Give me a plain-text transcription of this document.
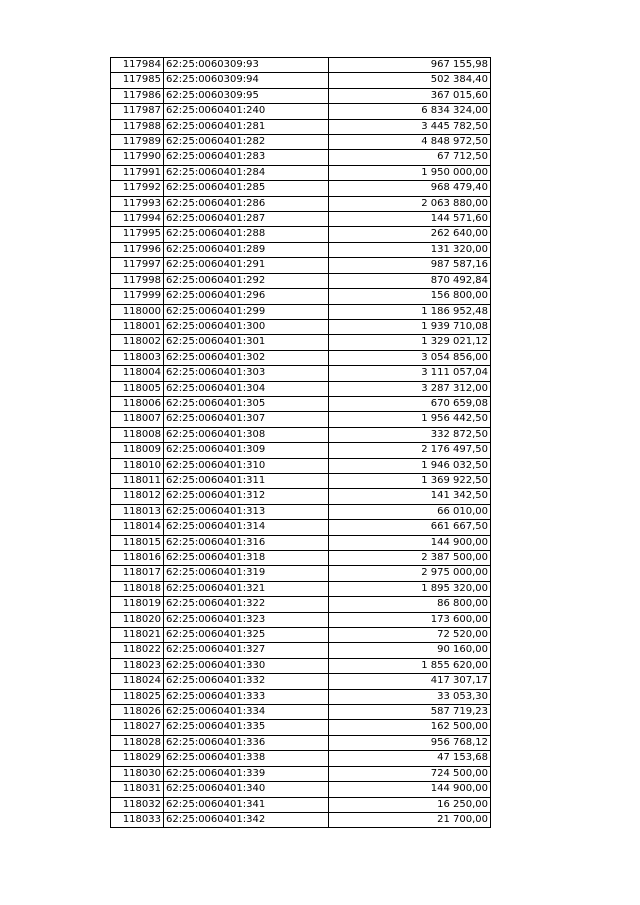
117984	62:25:0060309:93	967 155,98
117985	62:25:0060309:94	502 384,40
117986	62:25:0060309:95	367 015,60
117987	62:25:0060401:240	6 834 324,00
117988	62:25:0060401:281	3 445 782,50
117989	62:25:0060401:282	4 848 972,50
117990	62:25:0060401:283	67 712,50
117991	62:25:0060401:284	1 950 000,00
117992	62:25:0060401:285	968 479,40
117993	62:25:0060401:286	2 063 880,00
117994	62:25:0060401:287	144 571,60
117995	62:25:0060401:288	262 640,00
117996	62:25:0060401:289	131 320,00
117997	62:25:0060401:291	987 587,16
117998	62:25:0060401:292	870 492,84
117999	62:25:0060401:296	156 800,00
118000	62:25:0060401:299	1 186 952,48
118001	62:25:0060401:300	1 939 710,08
118002	62:25:0060401:301	1 329 021,12
118003	62:25:0060401:302	3 054 856,00
118004	62:25:0060401:303	3 111 057,04
118005	62:25:0060401:304	3 287 312,00
118006	62:25:0060401:305	670 659,08
118007	62:25:0060401:307	1 956 442,50
118008	62:25:0060401:308	332 872,50
118009	62:25:0060401:309	2 176 497,50
118010	62:25:0060401:310	1 946 032,50
118011	62:25:0060401:311	1 369 922,50
118012	62:25:0060401:312	141 342,50
118013	62:25:0060401:313	66 010,00
118014	62:25:0060401:314	661 667,50
118015	62:25:0060401:316	144 900,00
118016	62:25:0060401:318	2 387 500,00
118017	62:25:0060401:319	2 975 000,00
118018	62:25:0060401:321	1 895 320,00
118019	62:25:0060401:322	86 800,00
118020	62:25:0060401:323	173 600,00
118021	62:25:0060401:325	72 520,00
118022	62:25:0060401:327	90 160,00
118023	62:25:0060401:330	1 855 620,00
118024	62:25:0060401:332	417 307,17
118025	62:25:0060401:333	33 053,30
118026	62:25:0060401:334	587 719,23
118027	62:25:0060401:335	162 500,00
118028	62:25:0060401:336	956 768,12
118029	62:25:0060401:338	47 153,68
118030	62:25:0060401:339	724 500,00
118031	62:25:0060401:340	144 900,00
118032	62:25:0060401:341	16 250,00
118033	62:25:0060401:342	21 700,00
